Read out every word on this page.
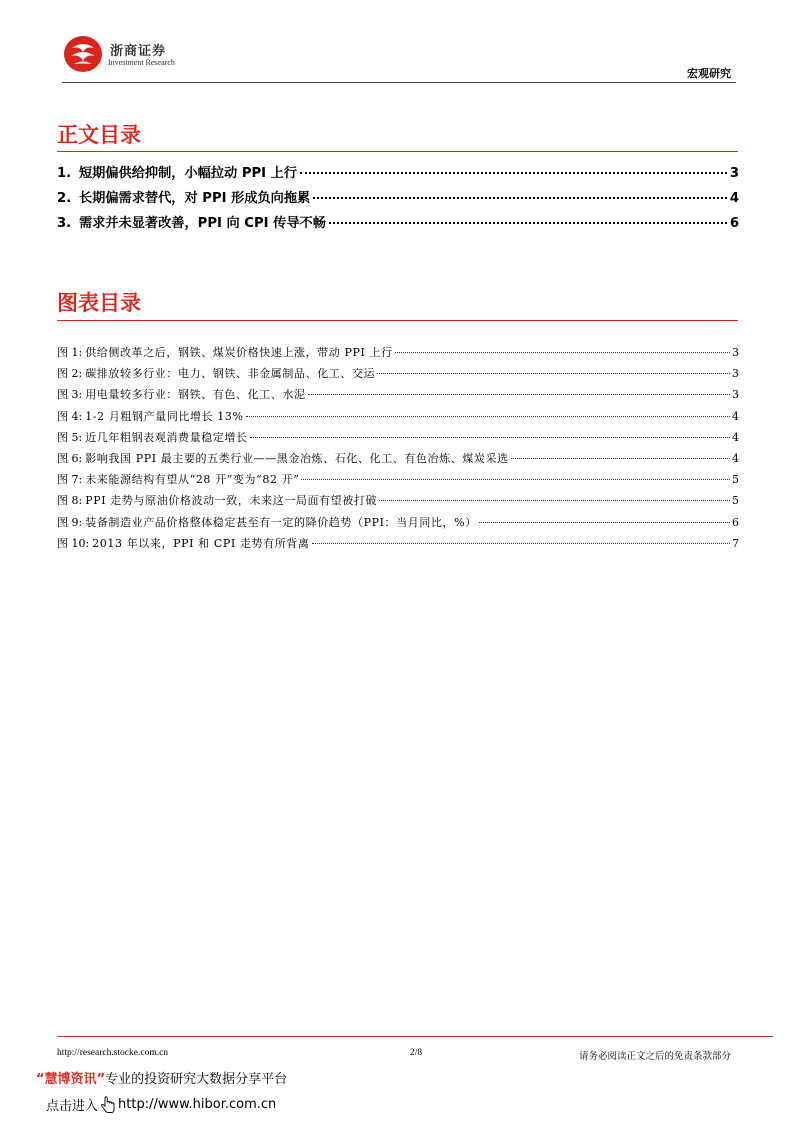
浙商证券
Investment Research
宏观研究
正文目录
1. 短期偏供给抑制，小幅拉动 PPI 上行	3
2. 长期偏需求替代，对 PPI 形成负向拖累	4
3. 需求并未显著改善，PPI 向 CPI 传导不畅	6
图表目录
图 1: 供给侧改革之后，钢铁、煤炭价格快速上涨，带动 PPI 上行	3
图 2: 碳排放较多行业：电力、钢铁、非金属制品、化工、交运	3
图 3: 用电量较多行业：钢铁、有色、化工、水泥	3
图 4: 1-2 月粗钢产量同比增长 13%	4
图 5: 近几年粗钢表观消费量稳定增长	4
图 6: 影响我国 PPI 最主要的五类行业——黑金冶炼、石化、化工、有色冶炼、煤炭采选	4
图 7: 未来能源结构有望从“28 开”变为“82 开”	5
图 8: PPI 走势与原油价格波动一致，未来这一局面有望被打破	5
图 9: 装备制造业产品价格整体稳定甚至有一定的降价趋势（PPI：当月同比，%）	6
图 10: 2013 年以来，PPI 和 CPI 走势有所背离	7
http://research.stocke.com.cn	2/8	请务必阅读正文之后的免责条款部分
“慧博资讯”专业的投资研究大数据分享平台
点击进入 http://www.hibor.com.cn
